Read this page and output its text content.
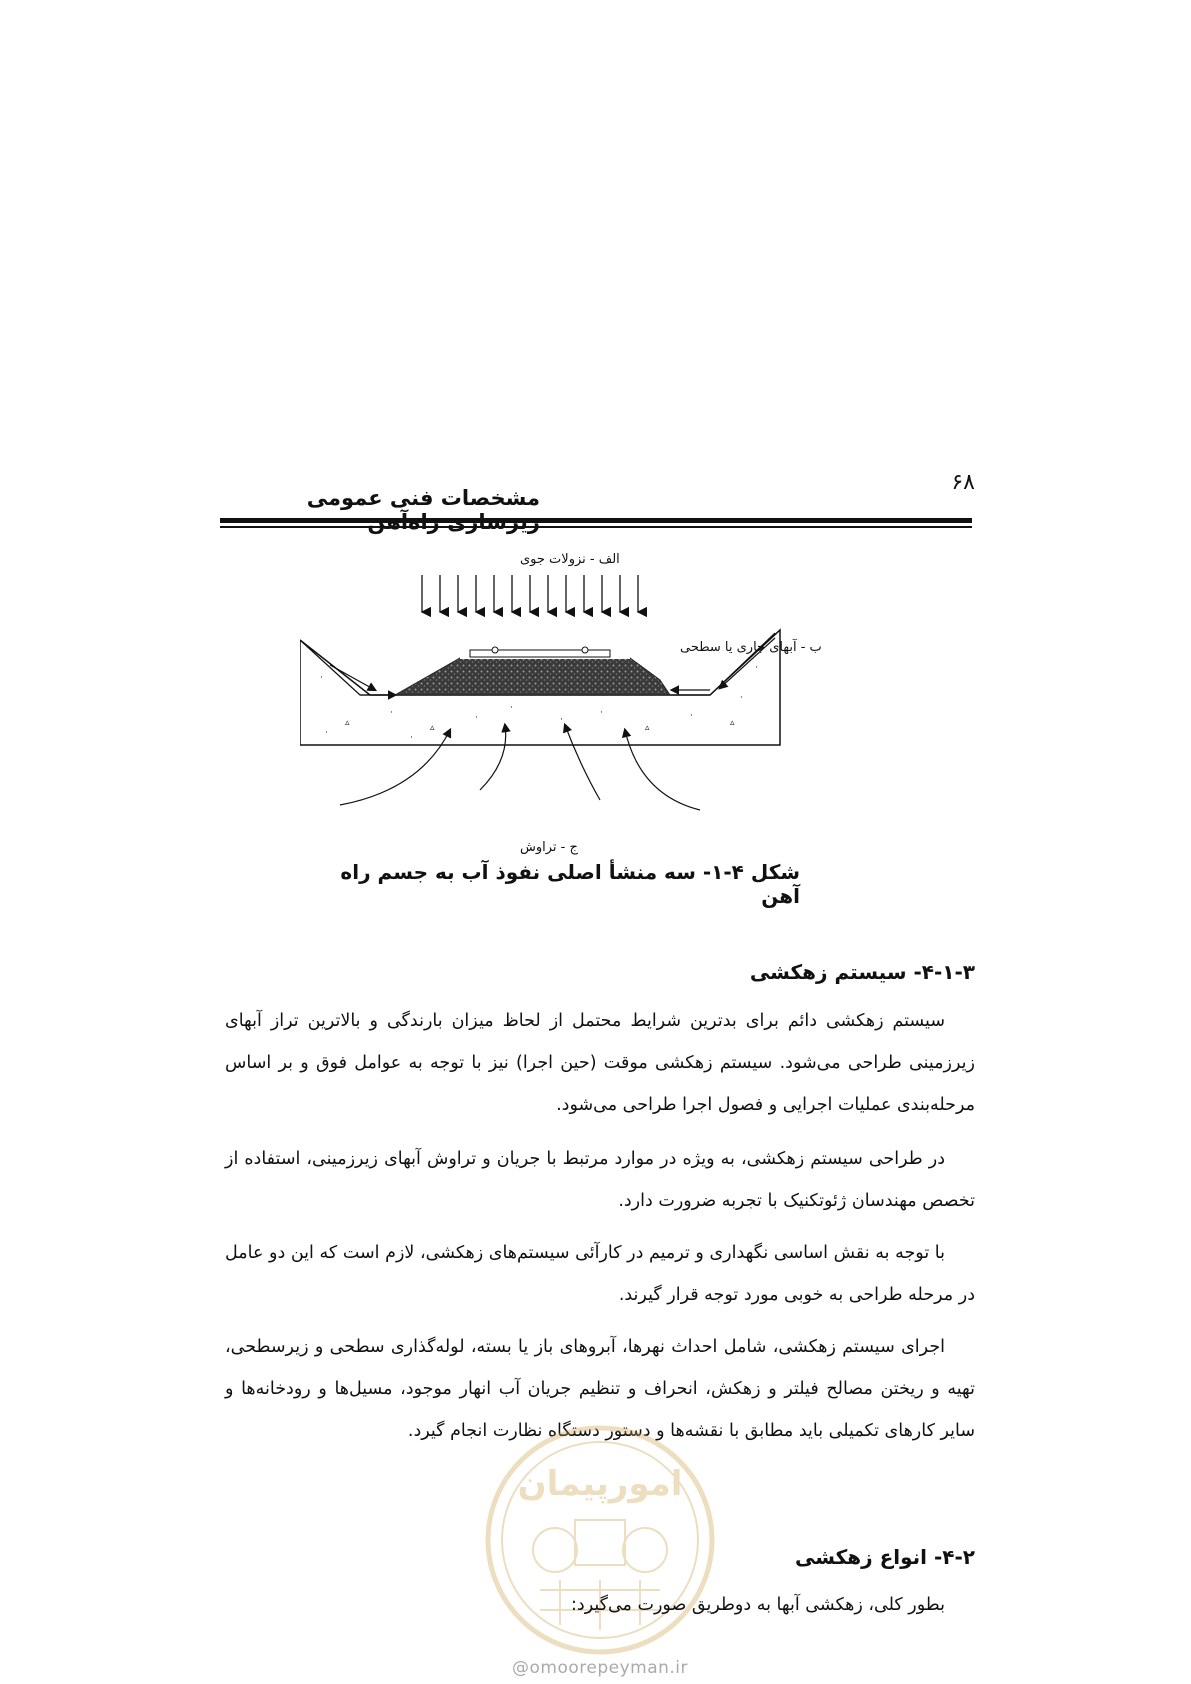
۶۸
مشخصات فنی عمومی
الف - نزولات جوی
ب - آبهای جاری یا سطحی
ج - تراوش
·
▵
·
▵
·
·
·
·
▵
·
▵
·
·
·
·
شکل ۴-۱- سه منشأ اصلی نفوذ آب به جسم راه آهن
۴-۱-۳- سیستم زهکشی
سیستم زهکشی دائم برای بدترین شرایط محتمل از لحاظ میزان بارندگی و بالاترین تراز آبهای زیرزمینی طراحی می‌شود. سیستم زهکشی موقت (حین اجرا) نیز با توجه به عوامل فوق و بر اساس مرحله‌بندی عملیات اجرایی و فصول اجرا طراحی می‌شود.
در طراحی سیستم زهکشی، به ویژه در موارد مرتبط با جریان و تراوش آبهای زیرزمینی، استفاده از تخصص مهندسان ژئوتکنیک با تجربه ضرورت دارد.
با توجه به نقش اساسی نگهداری و ترمیم در کارآئی سیستم‌های زهکشی، لازم است که این دو عامل در مرحله طراحی به خوبی مورد توجه قرار گیرند.
اجرای سیستم زهکشی، شامل احداث نهرها، آبروهای باز یا بسته، لوله‌گذاری سطحی و زیرسطحی، تهیه و ریختن مصالح فیلتر و زهکش، انحراف و تنظیم جریان آب انهار موجود، مسیل‌ها و رودخانه‌ها و سایر کارهای تکمیلی باید مطابق با نقشه‌ها و دستور دستگاه نظارت انجام گیرد.
امورپیمان
۴-۲- انواع زهکشی
بطور کلی، زهکشی آبها به دوطریق صورت می‌گیرد:
@omoorepeyman.ir
